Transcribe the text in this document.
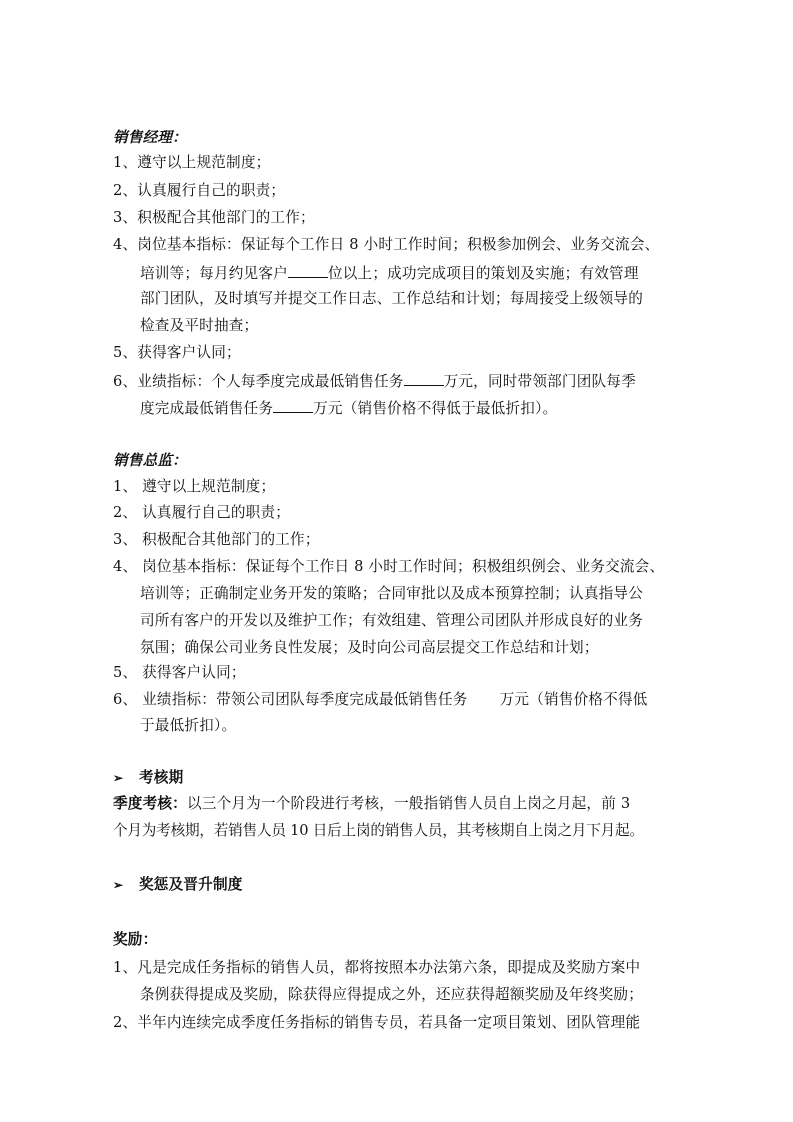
销售经理：
1、遵守以上规范制度；
2、认真履行自己的职责；
3、积极配合其他部门的工作；
4、岗位基本指标：保证每个工作日 8 小时工作时间；积极参加例会、业务交流会、
培训等；每月约见客户	位以上；成功完成项目的策划及实施；有效管理
部门团队，及时填写并提交工作日志、工作总结和计划；每周接受上级领导的
检查及平时抽查；
5、获得客户认同；
6、业绩指标：个人每季度完成最低销售任务	万元，同时带领部门团队每季
度完成最低销售任务	万元（销售价格不得低于最低折扣）。
销售总监：
1、 遵守以上规范制度；
2、 认真履行自己的职责；
3、 积极配合其他部门的工作；
4、 岗位基本指标：保证每个工作日 8 小时工作时间；积极组织例会、业务交流会、
培训等；正确制定业务开发的策略；合同审批以及成本预算控制；认真指导公
司所有客户的开发以及维护工作；有效组建、管理公司团队并形成良好的业务
氛围；确保公司业务良性发展；及时向公司高层提交工作总结和计划；
5、 获得客户认同；
6、 业绩指标：带领公司团队每季度完成最低销售任务 万元（销售价格不得低
于最低折扣）。
➢ 考核期
季度考核：以三个月为一个阶段进行考核，一般指销售人员自上岗之月起，前 3
个月为考核期，若销售人员 10 日后上岗的销售人员，其考核期自上岗之月下月起。
➢ 奖惩及晋升制度
奖励：
1、凡是完成任务指标的销售人员，都将按照本办法第六条，即提成及奖励方案中
条例获得提成及奖励，除获得应得提成之外，还应获得超额奖励及年终奖励；
2、半年内连续完成季度任务指标的销售专员，若具备一定项目策划、团队管理能
